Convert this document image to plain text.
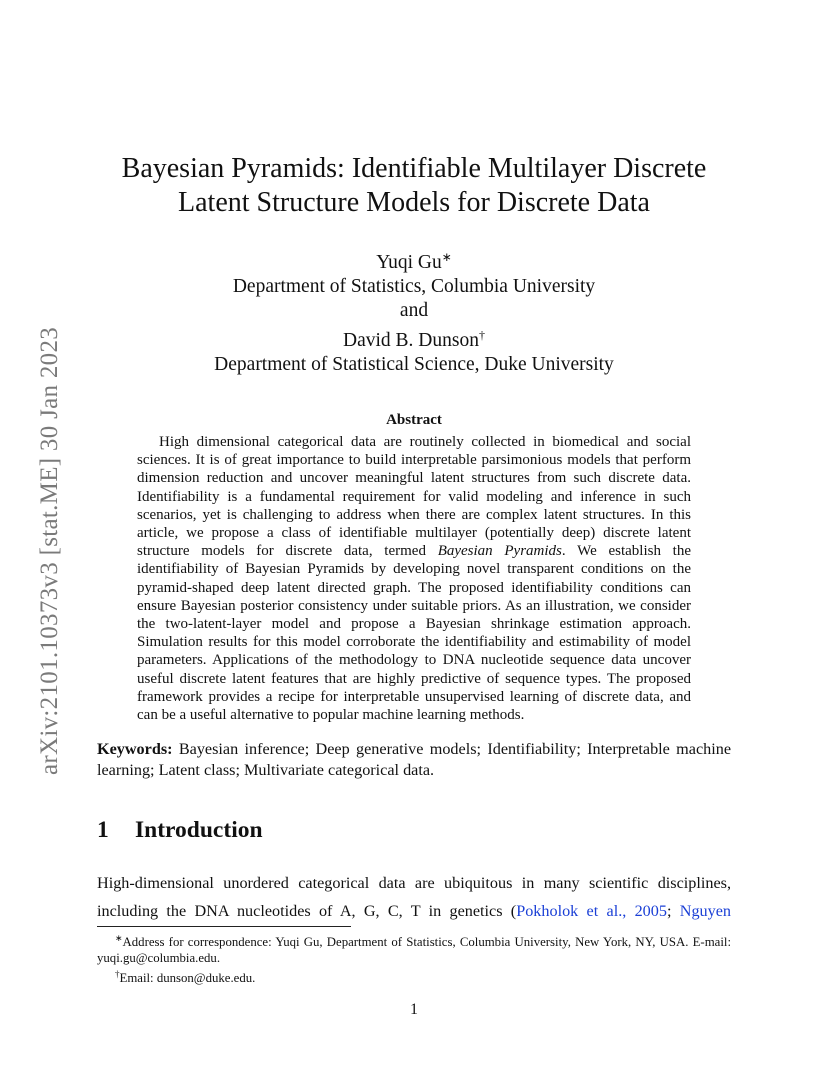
arXiv:2101.10373v3 [stat.ME] 30 Jan 2023
Bayesian Pyramids: Identifiable Multilayer Discrete
Latent Structure Models for Discrete Data
Yuqi Gu∗
Department of Statistics, Columbia University
and
David B. Dunson†
Department of Statistical Science, Duke University
Abstract
High dimensional categorical data are routinely collected in biomedical and social sciences. It is of great importance to build interpretable parsimonious models that perform dimension reduction and uncover meaningful latent structures from such discrete data. Identifiability is a fundamental requirement for valid modeling and inference in such scenarios, yet is challenging to address when there are complex latent structures. In this article, we propose a class of identifiable multilayer (potentially deep) discrete latent structure models for discrete data, termed Bayesian Pyramids. We establish the identifiability of Bayesian Pyramids by developing novel transparent conditions on the pyramid-shaped deep latent directed graph. The proposed identifiability conditions can ensure Bayesian posterior consistency under suitable priors. As an illustration, we consider the two-latent-layer model and propose a Bayesian shrinkage estimation approach. Simulation results for this model corroborate the identifiability and estimability of model parameters. Applications of the methodology to DNA nucleotide sequence data uncover useful discrete latent features that are highly predictive of sequence types. The proposed framework provides a recipe for interpretable unsupervised learning of discrete data, and can be a useful alternative to popular machine learning methods.
Keywords: Bayesian inference; Deep generative models; Identifiability; Interpretable machine learning; Latent class; Multivariate categorical data.
1 Introduction
High-dimensional unordered categorical data are ubiquitous in many scientific disciplines,
including the DNA nucleotides of A, G, C, T in genetics (Pokholok et al., 2005; Nguyen
∗Address for correspondence: Yuqi Gu, Department of Statistics, Columbia University, New York, NY, USA. E-mail: yuqi.gu@columbia.edu.
†Email: dunson@duke.edu.
1
